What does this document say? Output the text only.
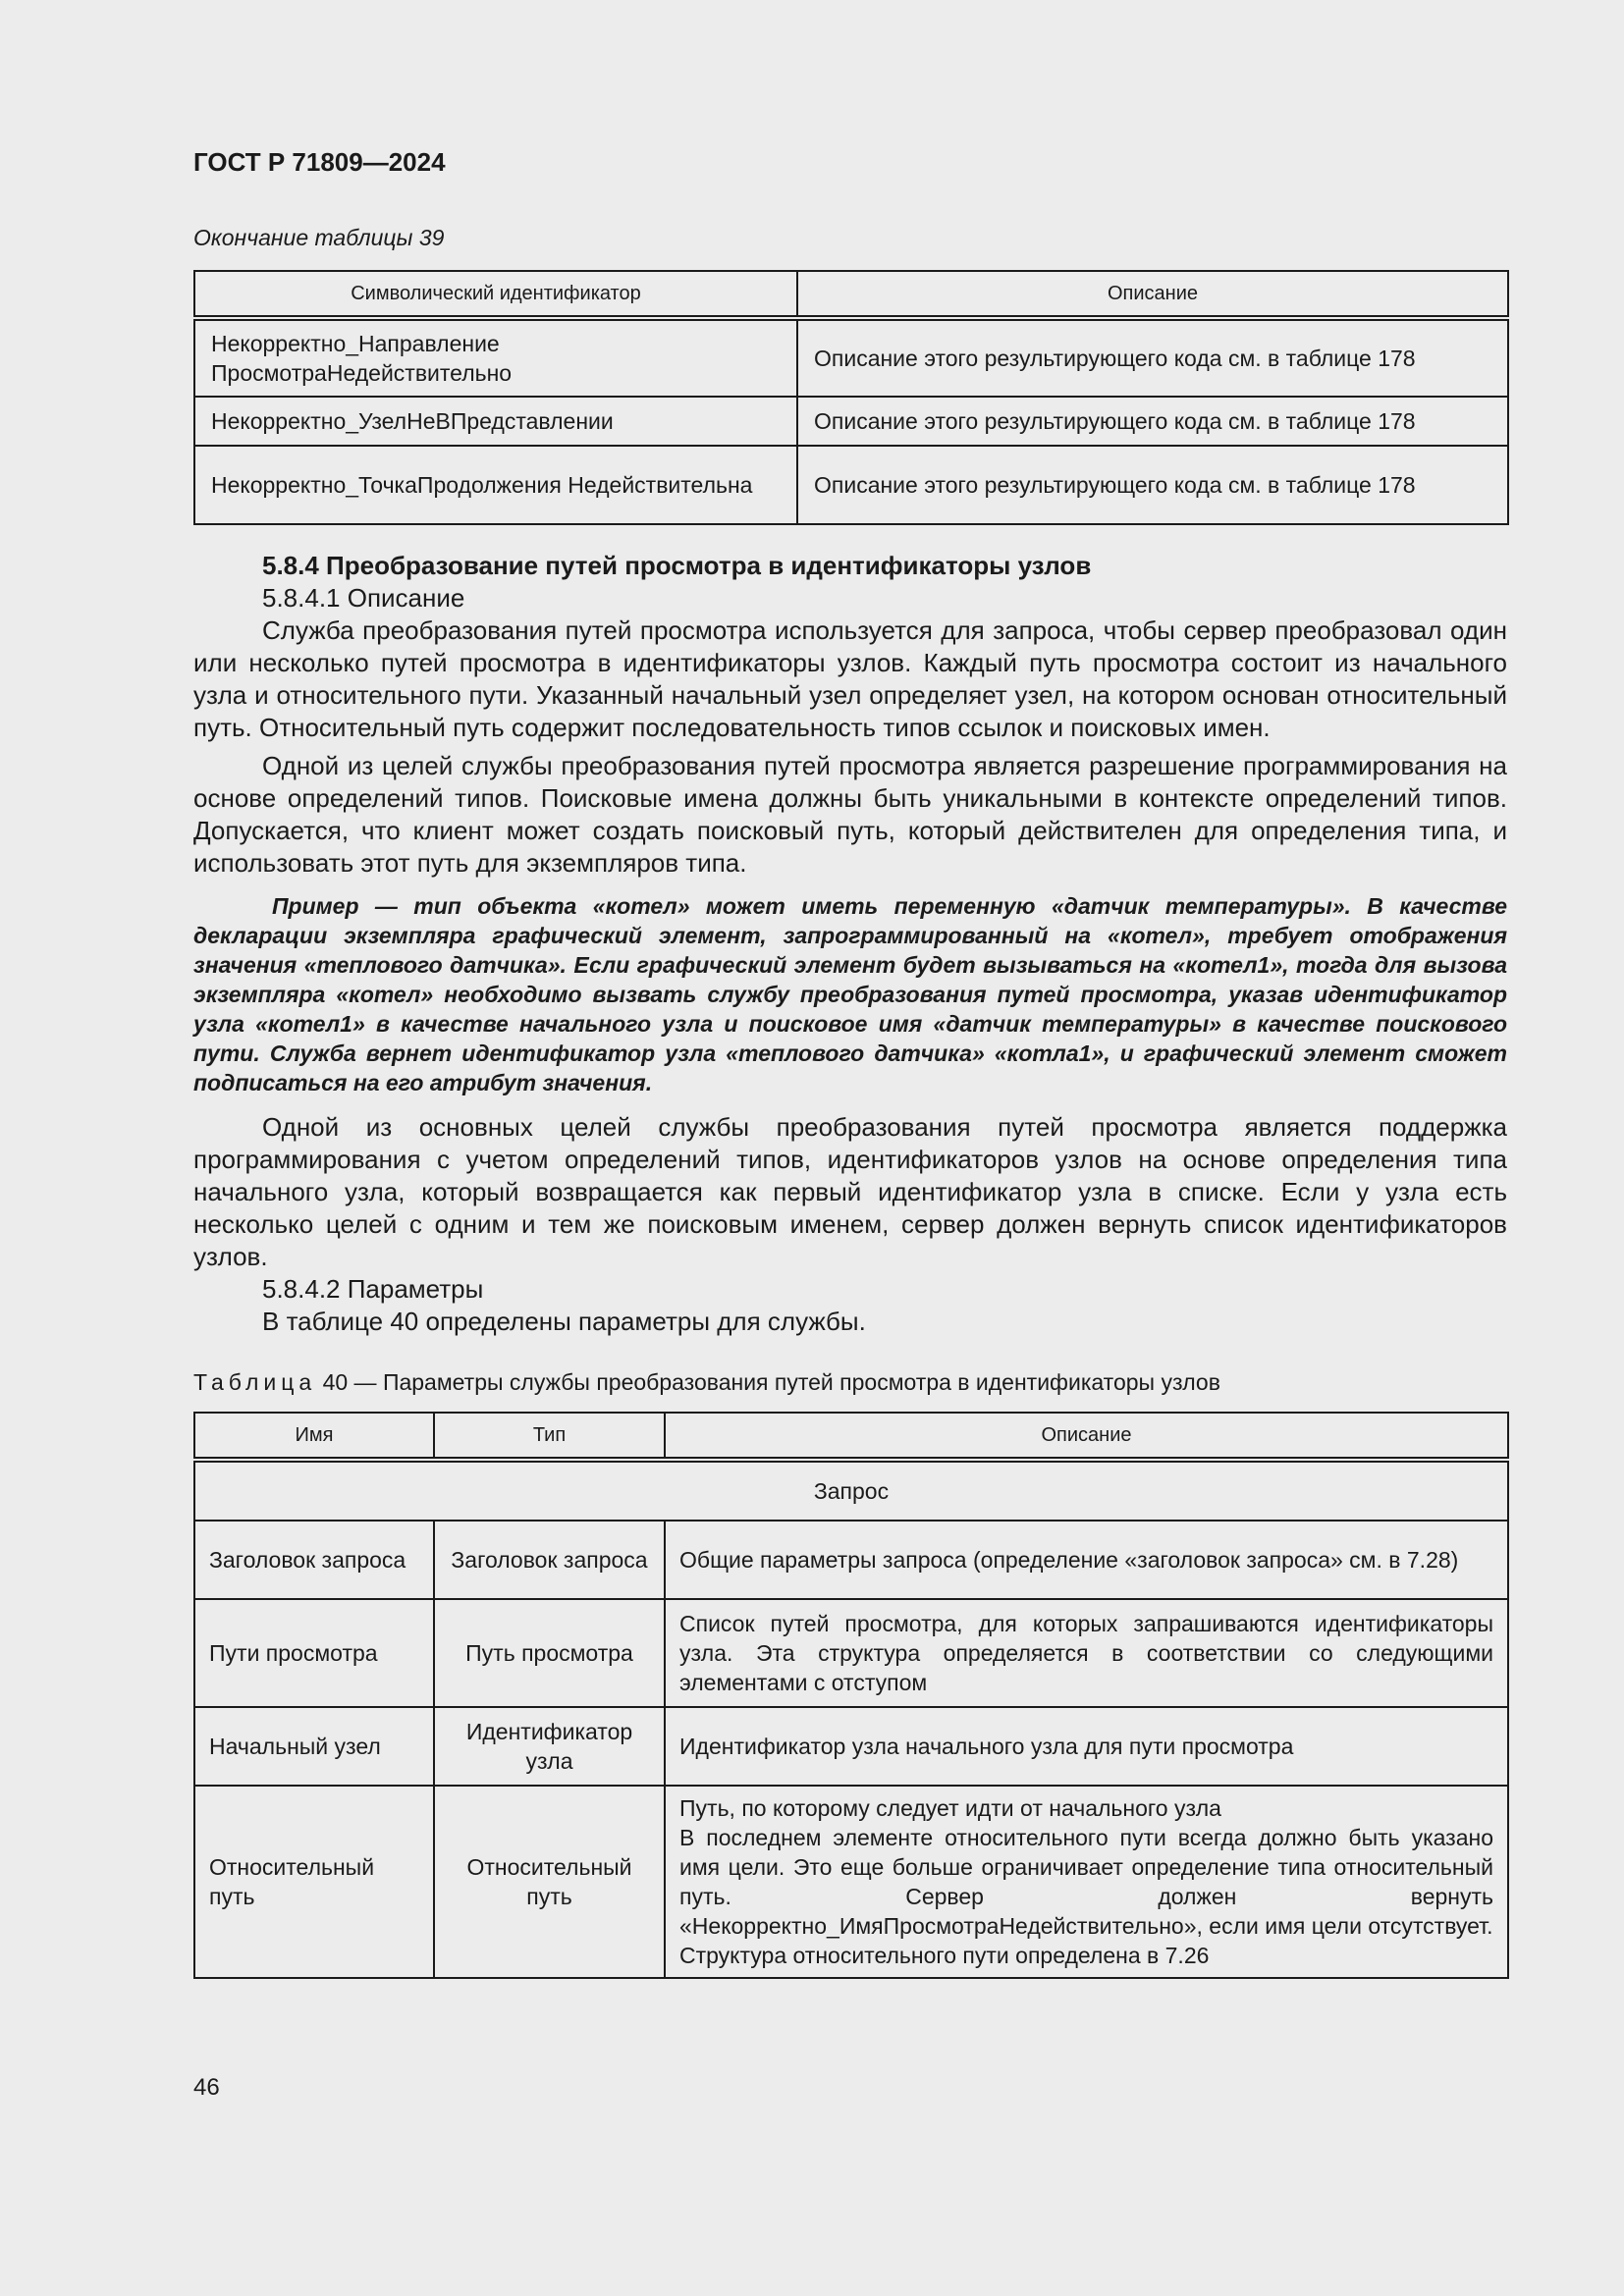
ГОСТ Р 71809—2024
Окончание таблицы 39
Символический идентификатор	Описание
Некорректно_Направление ПросмотраНедействительно	Описание этого результирующего кода см. в таблице 178
Некорректно_УзелНеВПредставлении	Описание этого результирующего кода см. в таблице 178
Некорректно_ТочкаПродолжения Недействительна	Описание этого результирующего кода см. в таблице 178

5.8.4 Преобразование путей просмотра в идентификаторы узлов

5.8.4.1 Описание

Служба преобразования путей просмотра используется для запроса, чтобы сервер преобразовал один или несколько путей просмотра в идентификаторы узлов. Каждый путь просмотра состоит из начального узла и относительного пути. Указанный начальный узел определяет узел, на котором основан относительный путь. Относительный путь содержит последовательность типов ссылок и поисковых имен.

Одной из целей службы преобразования путей просмотра является разрешение программирования на основе определений типов. Поисковые имена должны быть уникальными в контексте определений типов. Допускается, что клиент может создать поисковый путь, который действителен для определения типа, и использовать этот путь для экземпляров типа.

Пример — тип объекта «котел» может иметь переменную «датчик температуры». В качестве декларации экземпляра графический элемент, запрограммированный на «котел», требует отображения значения «теплового датчика». Если графический элемент будет вызываться на «котел1», тогда для вызова экземпляра «котел» необходимо вызвать службу преобразования путей просмотра, указав идентификатор узла «котел1» в качестве начального узла и поисковое имя «датчик температуры» в качестве поискового пути. Служба вернет идентификатор узла «теплового датчика» «котла1», и графический элемент сможет подписаться на его атрибут значения.

Одной из основных целей службы преобразования путей просмотра является поддержка программирования с учетом определений типов, идентификаторов узлов на основе определения типа начального узла, который возвращается как первый идентификатор узла в списке. Если у узла есть несколько целей с одним и тем же поисковым именем, сервер должен вернуть список идентификаторов узлов.

5.8.4.2 Параметры

В таблице 40 определены параметры для службы.

Таблица 40 — Параметры службы преобразования путей просмотра в идентификаторы узлов
Имя	Тип	Описание
Запрос		
Заголовок запроса	Заголовок запроса	Общие параметры запроса (определение «заголовок запроса» см. в 7.28)
Пути просмотра	Путь просмотра	Список путей просмотра, для которых запрашиваются идентификаторы узла. Эта структура определяется в соответствии со следующими элементами с отступом
Начальный узел	Идентификатор узла	Идентификатор узла начального узла для пути просмотра
Относительный путь	Относительный путь	Путь, по которому следует идти от начального узла
В последнем элементе относительного пути всегда должно быть указано имя цели. Это еще больше ограничивает определение типа относительный путь. Сервер должен вернуть «Некорректно_ИмяПросмотраНедействительно», если имя цели отсутствует.
Структура относительного пути определена в 7.26
46
